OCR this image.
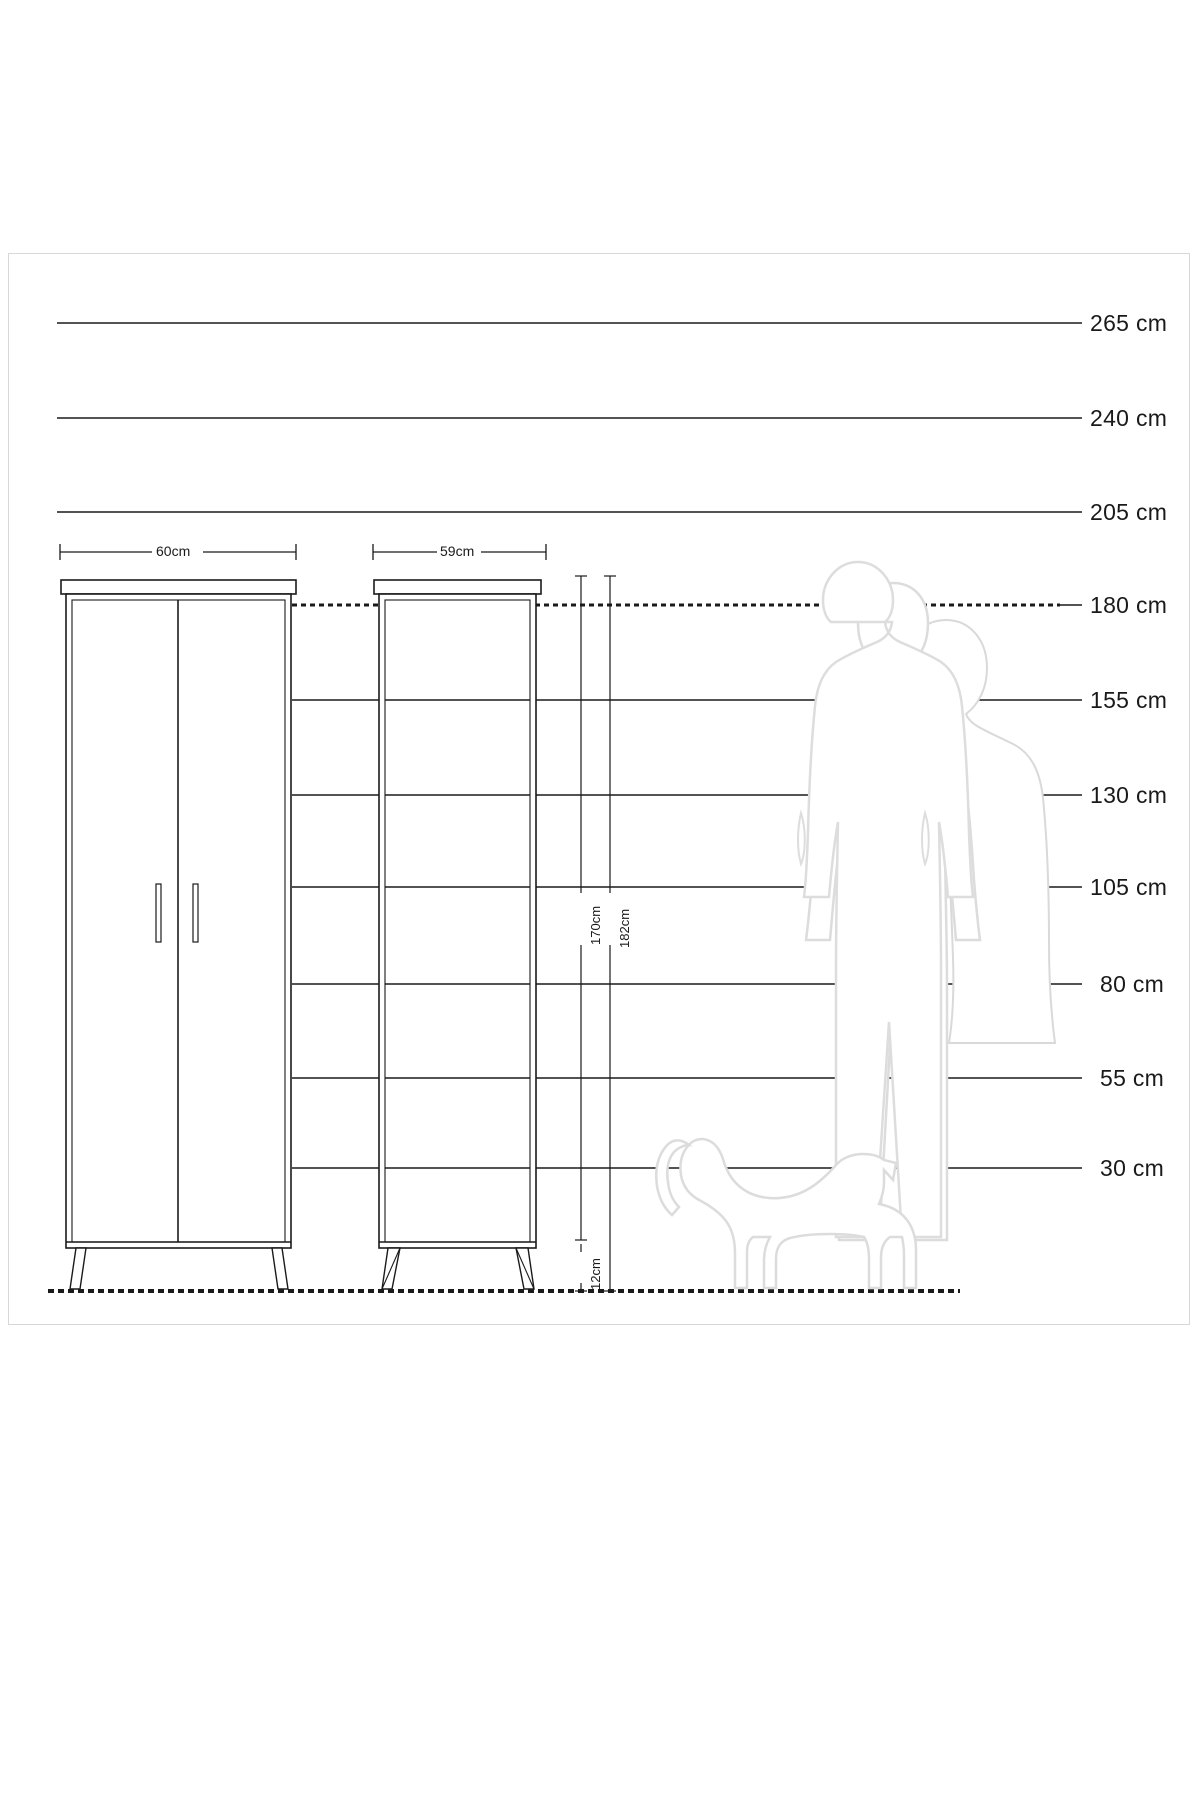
265 cm
240 cm
205 cm
180 cm
155 cm
130 cm
105 cm
80 cm
55 cm
30 cm
60cm	59cm
170cm 182cm
12cm
